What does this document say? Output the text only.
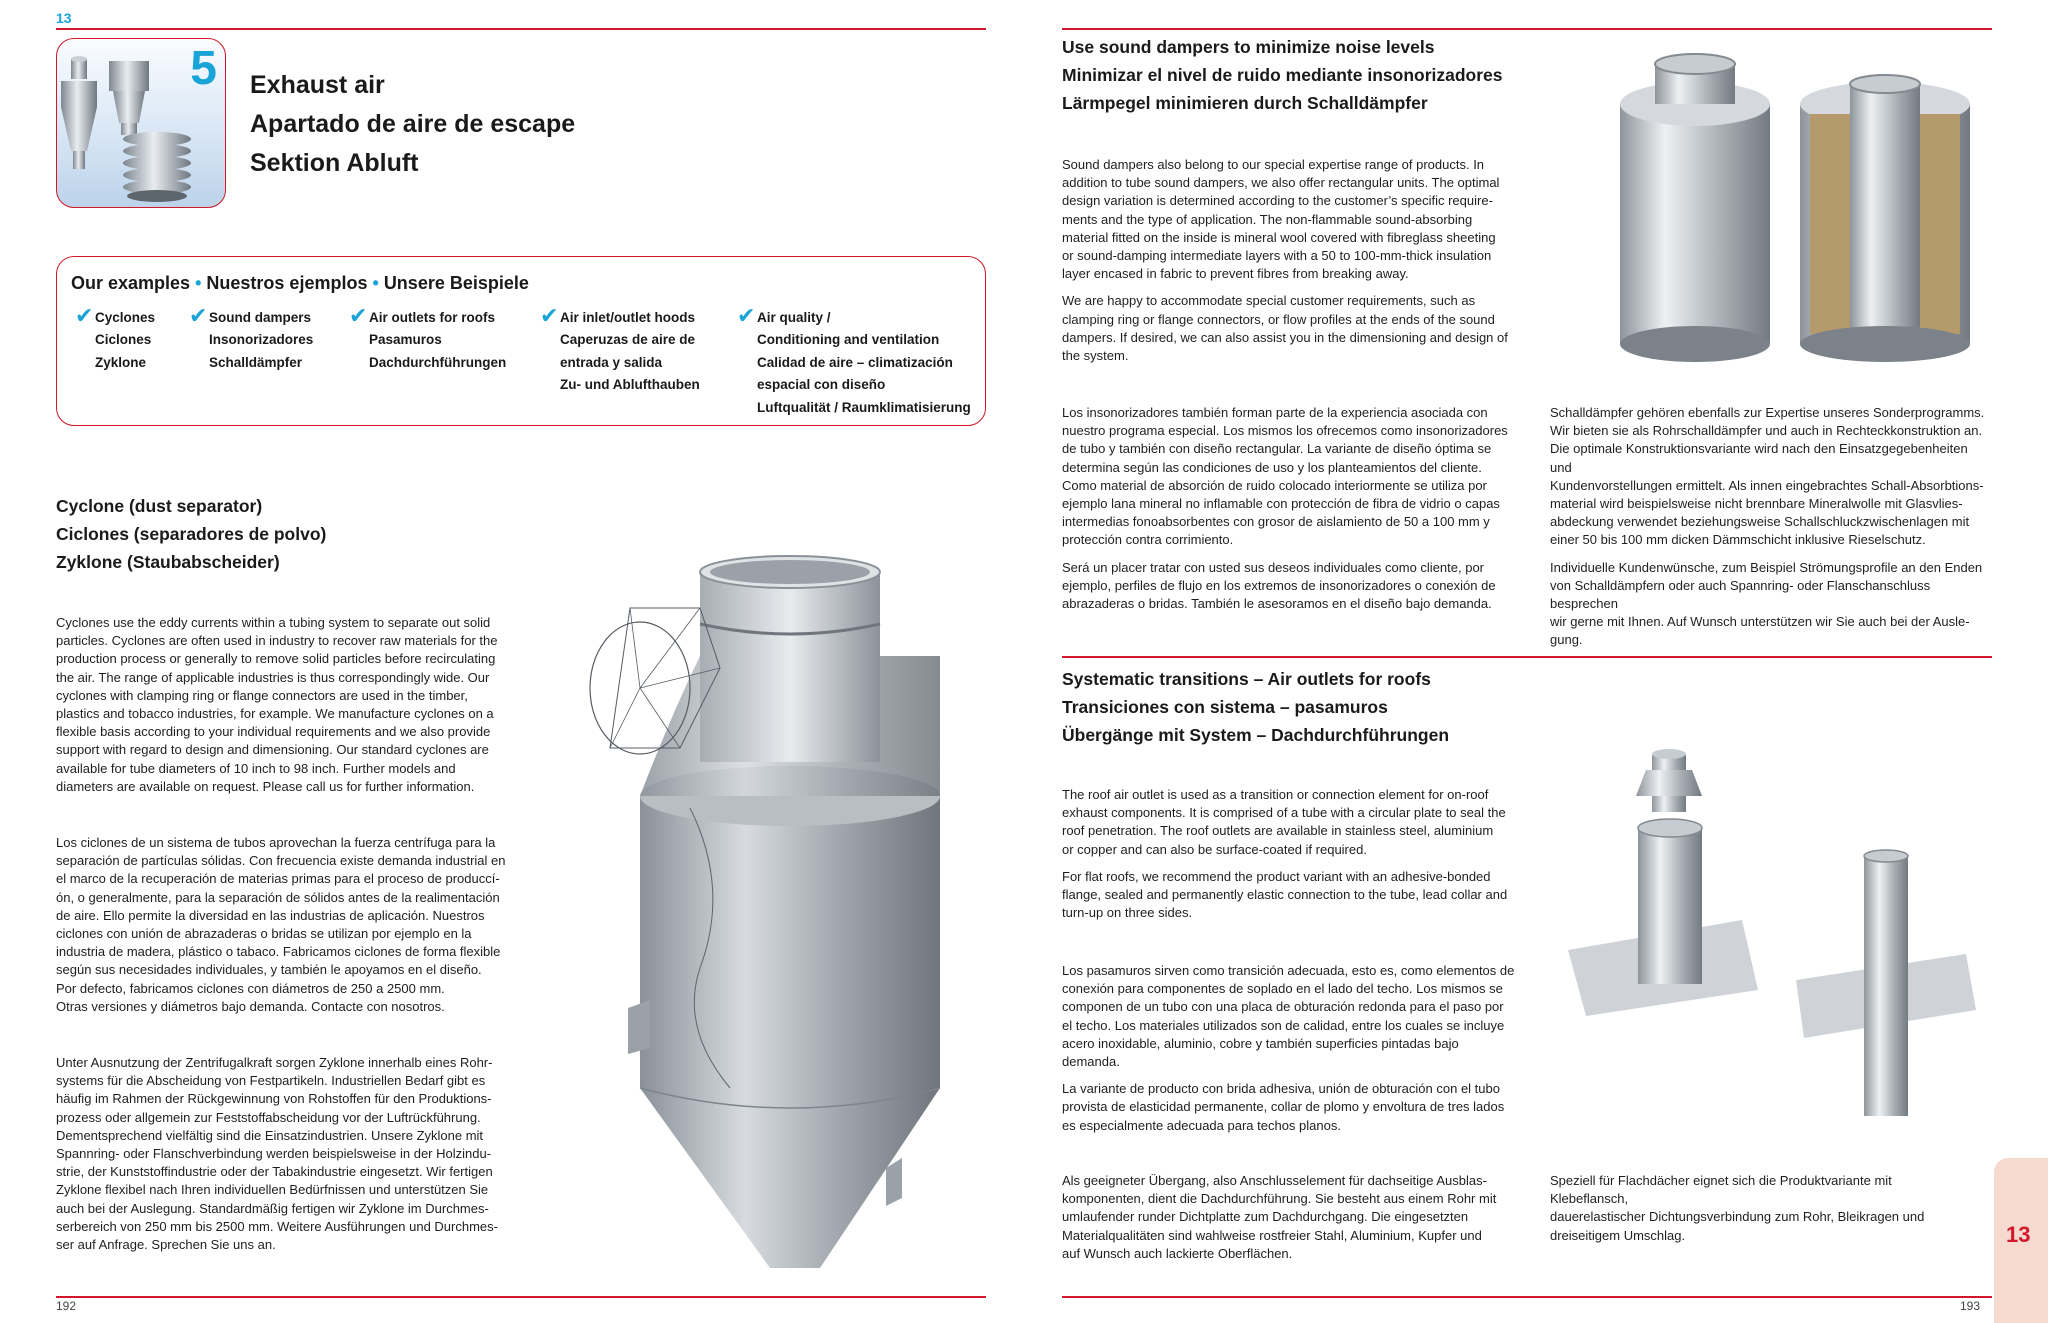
13
5 Exhaust air
Apartado de aire de escape
Sektion Abluft
Our examples • Nuestros ejemplos • Unsere Beispiele
✔ Cyclones
Ciclones
Zyklone
✔ Sound dampers
Insonorizadores
Schalldämpfer
✔ Air outlets for roofs
Pasamuros
Dachdurchführungen
✔ Air inlet/outlet hoods
Caperuzas de aire de
entrada y salida
Zu- und Ablufthauben
✔ Air quality /
Conditioning and ventilation
Calidad de aire – climatización
espacial con diseño
Luftqualität / Raumklimatisierung
Cyclone (dust separator)
Ciclones (separadores de polvo)
Zyklone (Staubabscheider)
Cyclones use the eddy currents within a tubing system to separate out solid
particles. Cyclones are often used in industry to recover raw materials for the
production process or generally to remove solid particles before recirculating
the air. The range of applicable industries is thus correspondingly wide. Our
cyclones with clamping ring or flange connectors are used in the timber,
plastics and tobacco industries, for example. We manufacture cyclones on a
flexible basis according to your individual requirements and we also provide
support with regard to design and dimensioning. Our standard cyclones are
available for tube diameters of 10 inch to 98 inch. Further models and
diameters are available on request. Please call us for further information.
Los ciclones de un sistema de tubos aprovechan la fuerza centrífuga para la
separación de partículas sólidas. Con frecuencia existe demanda industrial en
el marco de la recuperación de materias primas para el proceso de produccí-
ón, o generalmente, para la separación de sólidos antes de la realimentación
de aire. Ello permite la diversidad en las industrias de aplicación. Nuestros
ciclones con unión de abrazaderas o bridas se utilizan por ejemplo en la
industria de madera, plástico o tabaco. Fabricamos ciclones de forma flexible
según sus necesidades individuales, y también le apoyamos en el diseño.
Por defecto, fabricamos ciclones con diámetros de 250 a 2500 mm.
Otras versiones y diámetros bajo demanda. Contacte con nosotros.
Unter Ausnutzung der Zentrifugalkraft sorgen Zyklone innerhalb eines Rohr-
systems für die Abscheidung von Festpartikeln. Industriellen Bedarf gibt es
häufig im Rahmen der Rückgewinnung von Rohstoffen für den Produktions-
prozess oder allgemein zur Feststoffabscheidung vor der Luftrückführung.
Dementsprechend vielfältig sind die Einsatzindustrien. Unsere Zyklone mit
Spannring- oder Flanschverbindung werden beispielsweise in der Holzindu-
strie, der Kunststoffindustrie oder der Tabakindustrie eingesetzt. Wir fertigen
Zyklone flexibel nach Ihren individuellen Bedürfnissen und unterstützen Sie
auch bei der Auslegung. Standardmäßig fertigen wir Zyklone im Durchmes-
serbereich von 250 mm bis 2500 mm. Weitere Ausführungen und Durchmes-
ser auf Anfrage. Sprechen Sie uns an.
192
Use sound dampers to minimize noise levels
Minimizar el nivel de ruido mediante insonorizadores
Lärmpegel minimieren durch Schalldämpfer

Sound dampers also belong to our special expertise range of products. In
addition to tube sound dampers, we also offer rectangular units. The optimal
design variation is determined according to the customer’s specific require-
ments and the type of application. The non-flammable sound-absorbing
material fitted on the inside is mineral wool covered with fibreglass sheeting
or sound-damping intermediate layers with a 50 to 100-mm-thick insulation
layer encased in fabric to prevent fibres from breaking away.

We are happy to accommodate special customer requirements, such as
clamping ring or flange connectors, or flow profiles at the ends of the sound
dampers. If desired, we can also assist you in the dimensioning and design of
the system.

Los insonorizadores también forman parte de la experiencia asociada con
nuestro programa especial. Los mismos los ofrecemos como insonorizadores
de tubo y también con diseño rectangular. La variante de diseño óptima se
determina según las condiciones de uso y los planteamientos del cliente.
Como material de absorción de ruido colocado interiormente se utiliza por
ejemplo lana mineral no inflamable con protección de fibra de vidrio o capas
intermedias fonoabsorbentes con grosor de aislamiento de 50 a 100 mm y
protección contra corrimiento.

Será un placer tratar con usted sus deseos individuales como cliente, por
ejemplo, perfiles de flujo en los extremos de insonorizadores o conexión de
abrazaderas o bridas. También le asesoramos en el diseño bajo demanda.

Schalldämpfer gehören ebenfalls zur Expertise unseres Sonderprogramms.
Wir bieten sie als Rohrschalldämpfer und auch in Rechteckkonstruktion an.
Die optimale Konstruktionsvariante wird nach den Einsatzgegebenheiten und
Kundenvorstellungen ermittelt. Als innen eingebrachtes Schall-Absorbtions-
material wird beispielsweise nicht brennbare Mineralwolle mit Glasvlies-
abdeckung verwendet beziehungsweise Schallschluckzwischenlagen mit
einer 50 bis 100 mm dicken Dämmschicht inklusive Rieselschutz.

Individuelle Kundenwünsche, zum Beispiel Strömungsprofile an den Enden
von Schalldämpfern oder auch Spannring- oder Flanschanschluss besprechen
wir gerne mit Ihnen. Auf Wunsch unterstützen wir Sie auch bei der Ausle-
gung.

Systematic transitions – Air outlets for roofs
Transiciones con sistema – pasamuros
Übergänge mit System – Dachdurchführungen

The roof air outlet is used as a transition or connection element for on-roof
exhaust components. It is comprised of a tube with a circular plate to seal the
roof penetration. The roof outlets are available in stainless steel, aluminium
or copper and can also be surface-coated if required.

For flat roofs, we recommend the product variant with an adhesive-bonded
flange, sealed and permanently elastic connection to the tube, lead collar and
turn-up on three sides.

Los pasamuros sirven como transición adecuada, esto es, como elementos de
conexión para componentes de soplado en el lado del techo. Los mismos se
componen de un tubo con una placa de obturación redonda para el paso por
el techo. Los materiales utilizados son de calidad, entre los cuales se incluye
acero inoxidable, aluminio, cobre y también superficies pintadas bajo
demanda.

La variante de producto con brida adhesiva, unión de obturación con el tubo
provista de elasticidad permanente, collar de plomo y envoltura de tres lados
es especialmente adecuada para techos planos.

Als geeigneter Übergang, also Anschlusselement für dachseitige Ausblas-
komponenten, dient die Dachdurchführung. Sie besteht aus einem Rohr mit
umlaufender runder Dichtplatte zum Dachdurchgang. Die eingesetzten
Materialqualitäten sind wahlweise rostfreier Stahl, Aluminium, Kupfer und
auf Wunsch auch lackierte Oberflächen.

Speziell für Flachdächer eignet sich die Produktvariante mit Klebeflansch,
dauerelastischer Dichtungsverbindung zum Rohr, Bleikragen und
dreiseitigem Umschlag.

193
13
